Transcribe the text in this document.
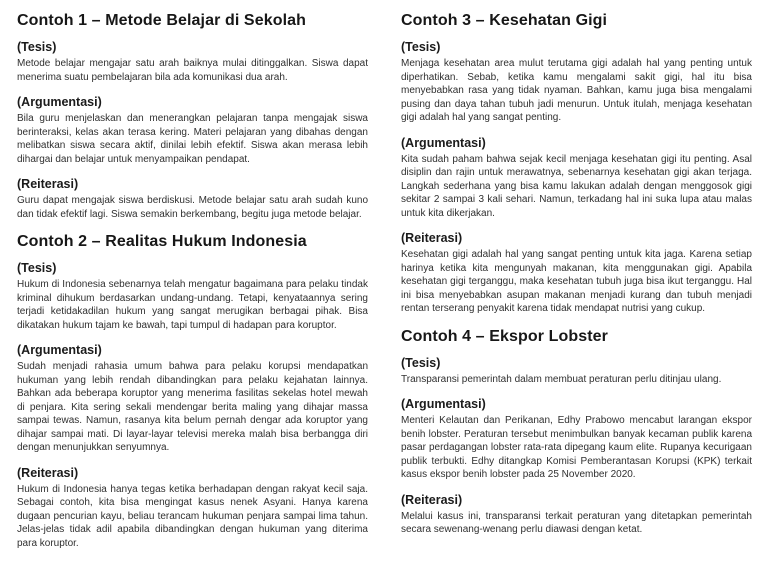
Contoh 1 – Metode Belajar di Sekolah
(Tesis)

Metode belajar mengajar satu arah baiknya mulai ditinggalkan. Siswa dapat menerima suatu pembelajaran bila ada komunikasi dua arah.

(Argumentasi)

Bila guru menjelaskan dan menerangkan pelajaran tanpa mengajak siswa berinteraksi, kelas akan terasa kering. Materi pelajaran yang dibahas dengan melibatkan siswa secara aktif, dinilai lebih efektif. Siswa akan merasa lebih dihargai dan belajar untuk menyampaikan pendapat.

(Reiterasi)

Guru dapat mengajak siswa berdiskusi. Metode belajar satu arah sudah kuno dan tidak efektif lagi. Siswa semakin berkembang, begitu juga metode belajar.

Contoh 2 – Realitas Hukum Indonesia
(Tesis)

Hukum di Indonesia sebenarnya telah mengatur bagaimana para pelaku tindak kriminal dihukum berdasarkan undang-undang. Tetapi, kenyataannya sering terjadi ketidakadilan hukum yang sangat merugikan berbagai pihak. Bisa dikatakan hukum tajam ke bawah, tapi tumpul di hadapan para koruptor.

(Argumentasi)

Sudah menjadi rahasia umum bahwa para pelaku korupsi mendapatkan hukuman yang lebih rendah dibandingkan para pelaku kejahatan lainnya. Bahkan ada beberapa koruptor yang menerima fasilitas sekelas hotel mewah di penjara. Kita sering sekali mendengar berita maling yang dihajar massa sampai tewas. Namun, rasanya kita belum pernah dengar ada koruptor yang dihajar sampai mati. Di layar-layar televisi mereka malah bisa berbangga diri dengan menunjukkan senyumnya.

(Reiterasi)

Hukum di Indonesia hanya tegas ketika berhadapan dengan rakyat kecil saja. Sebagai contoh, kita bisa mengingat kasus nenek Asyani. Hanya karena dugaan pencurian kayu, beliau terancam hukuman penjara sampai lima tahun. Jelas-jelas tidak adil apabila dibandingkan dengan hukuman yang diterima para koruptor.

Contoh 3 – Kesehatan Gigi
(Tesis)

Menjaga kesehatan area mulut terutama gigi adalah hal yang penting untuk diperhatikan. Sebab, ketika kamu mengalami sakit gigi, hal itu bisa menyebabkan rasa yang tidak nyaman. Bahkan, kamu juga bisa mengalami pusing dan daya tahan tubuh jadi menurun. Untuk itulah, menjaga kesehatan gigi adalah hal yang sangat penting.

(Argumentasi)

Kita sudah paham bahwa sejak kecil menjaga kesehatan gigi itu penting. Asal disiplin dan rajin untuk merawatnya, sebenarnya kesehatan gigi akan terjaga. Langkah sederhana yang bisa kamu lakukan adalah dengan menggosok gigi sekitar 2 sampai 3 kali sehari. Namun, terkadang hal ini suka lupa atau malas untuk kita dikerjakan.

(Reiterasi)

Kesehatan gigi adalah hal yang sangat penting untuk kita jaga. Karena setiap harinya ketika kita mengunyah makanan, kita menggunakan gigi. Apabila kesehatan gigi terganggu, maka kesehatan tubuh juga bisa ikut terganggu. Hal ini bisa menyebabkan asupan makanan menjadi kurang dan tubuh menjadi rentan terserang penyakit karena tidak mendapat nutrisi yang cukup.

Contoh 4 – Ekspor Lobster
(Tesis)

Transparansi pemerintah dalam membuat peraturan perlu ditinjau ulang.

(Argumentasi)

Menteri Kelautan dan Perikanan, Edhy Prabowo mencabut larangan ekspor benih lobster. Peraturan tersebut menimbulkan banyak kecaman publik karena pasar perdagangan lobster rata-rata dipegang kaum elite. Rupanya kecurigaan publik terbukti. Edhy ditangkap Komisi Pemberantasan Korupsi (KPK) terkait kasus ekspor benih lobster pada 25 November 2020.

(Reiterasi)

Melalui kasus ini, transparansi terkait peraturan yang ditetapkan pemerintah secara sewenang-wenang perlu diawasi dengan ketat.
